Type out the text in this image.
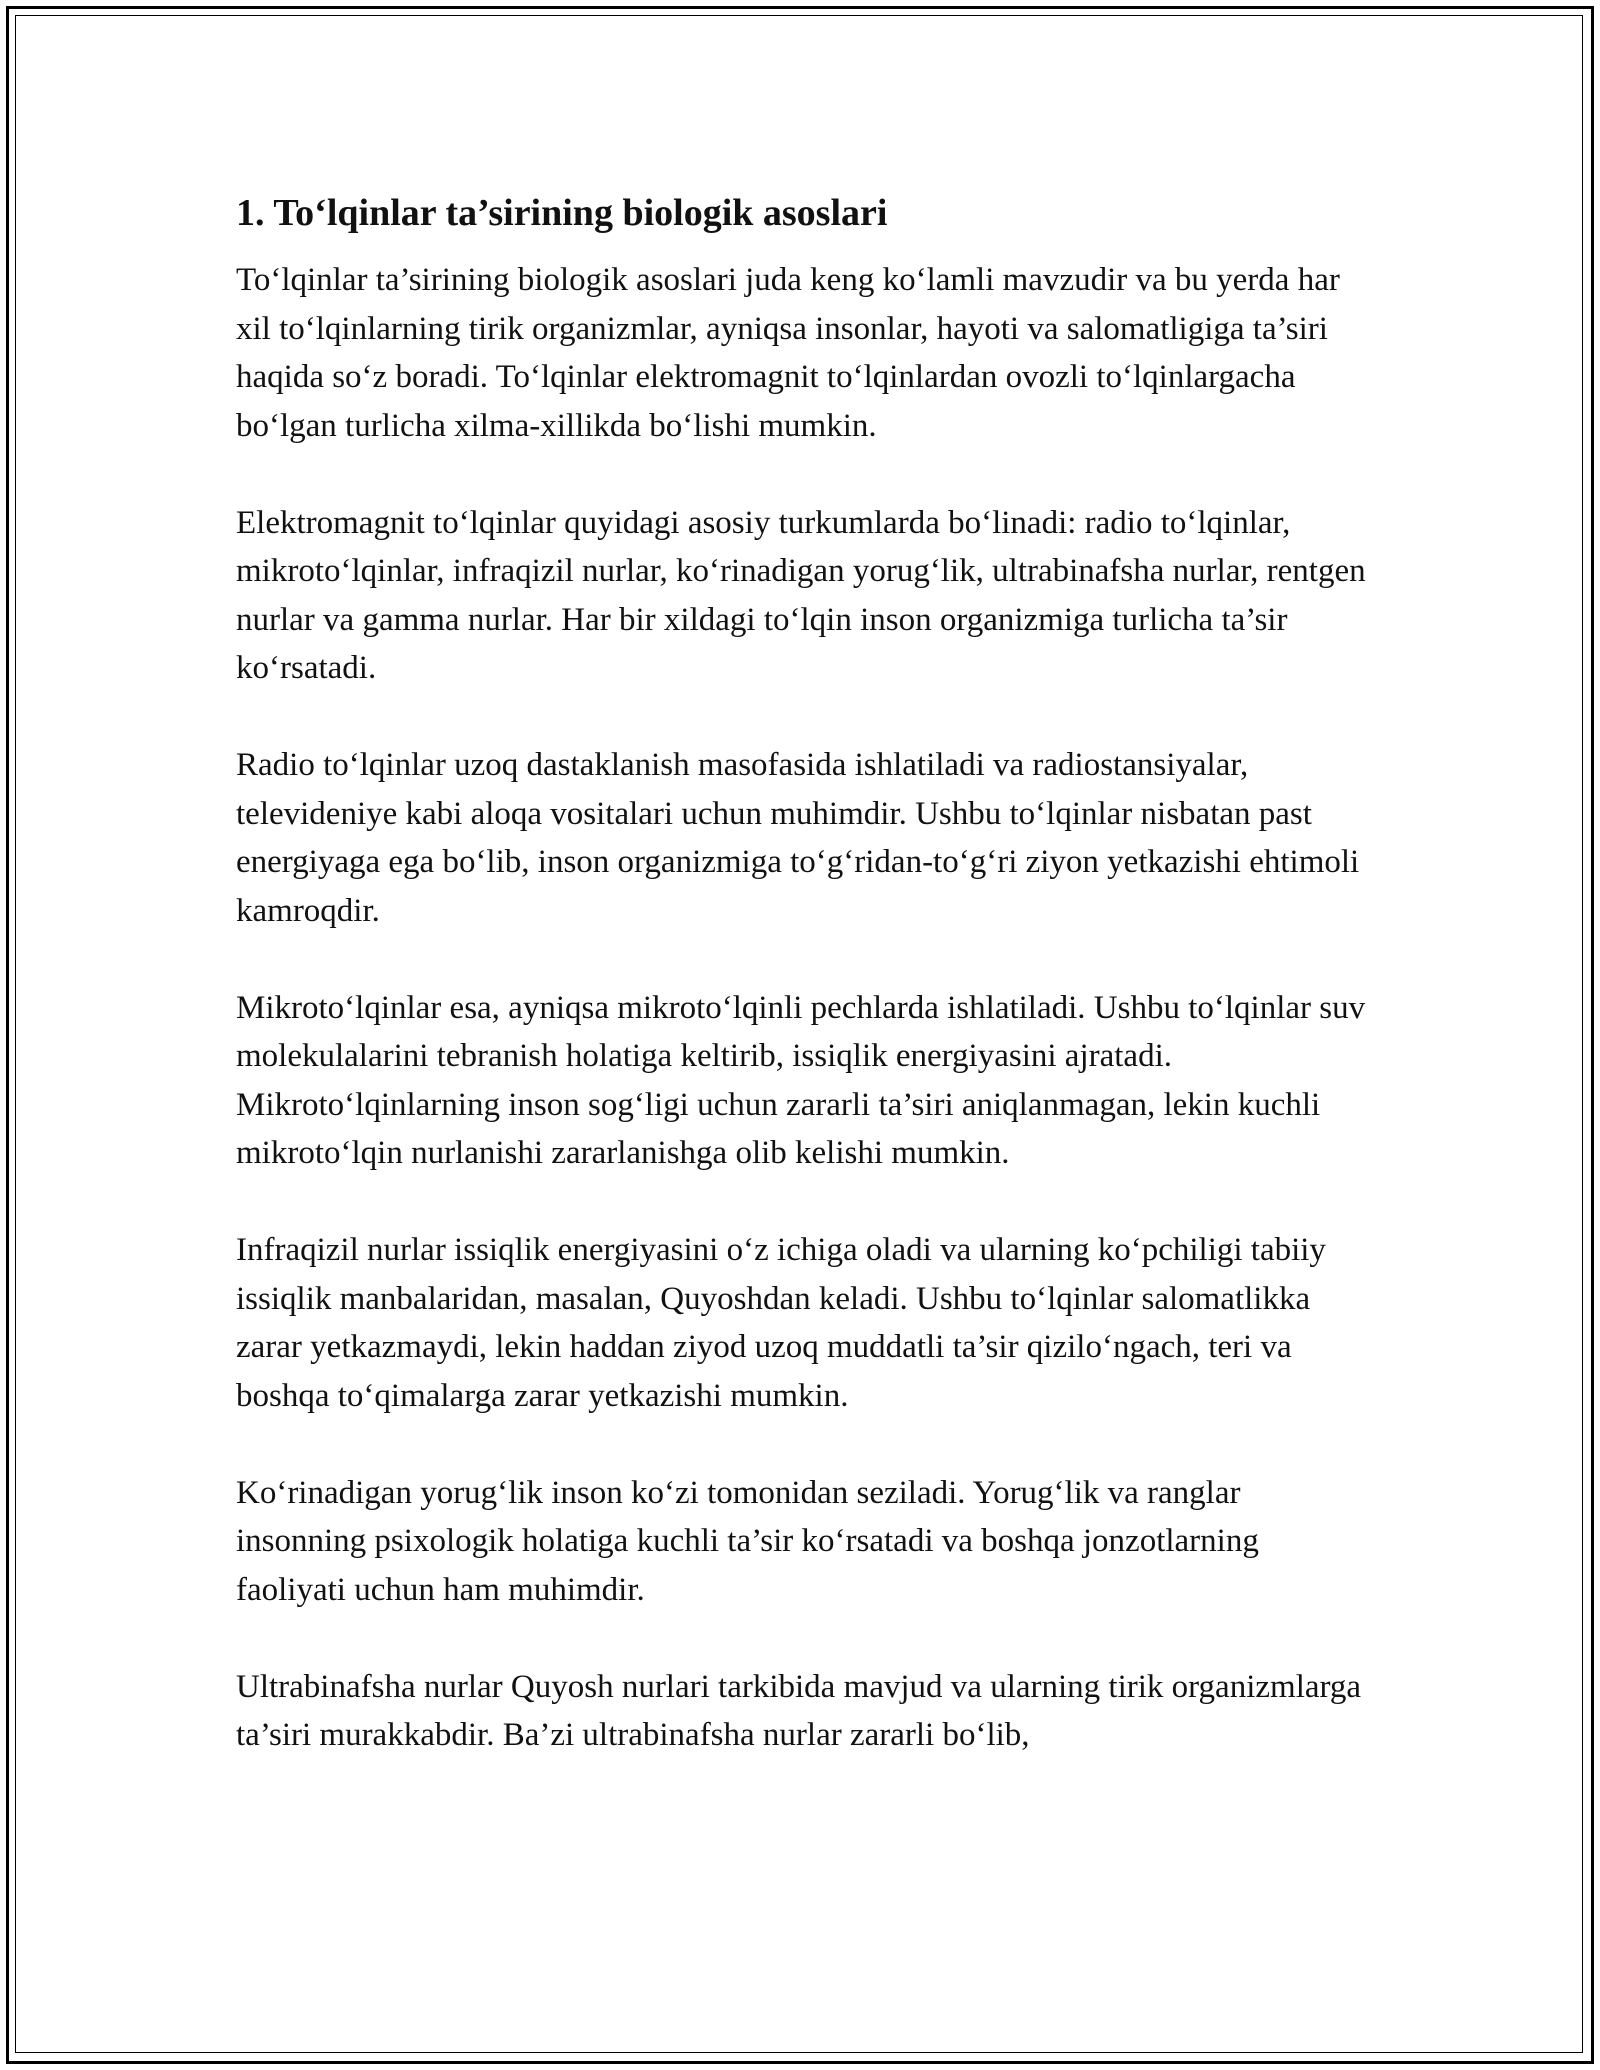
1. To‘lqinlar ta’sirining biologik asoslari

To‘lqinlar ta’sirining biologik asoslari juda keng ko‘lamli mavzudir va bu yerda har xil to‘lqinlarning tirik organizmlar, ayniqsa insonlar, hayoti va salomatligiga ta’siri haqida so‘z boradi. To‘lqinlar elektromagnit to‘lqinlardan ovozli to‘lqinlargacha bo‘lgan turlicha xilma-xillikda bo‘lishi mumkin.

Elektromagnit to‘lqinlar quyidagi asosiy turkumlarda bo‘linadi: radio to‘lqinlar, mikroto‘lqinlar, infraqizil nurlar, ko‘rinadigan yorug‘lik, ultrabinafsha nurlar, rentgen nurlar va gamma nurlar. Har bir xildagi to‘lqin inson organizmiga turlicha ta’sir ko‘rsatadi.

Radio to‘lqinlar uzoq dastaklanish masofasida ishlatiladi va radiostansiyalar, televideniye kabi aloqa vositalari uchun muhimdir. Ushbu to‘lqinlar nisbatan past energiyaga ega bo‘lib, inson organizmiga to‘g‘ridan-to‘g‘ri ziyon yetkazishi ehtimoli kamroqdir.

Mikroto‘lqinlar esa, ayniqsa mikroto‘lqinli pechlarda ishlatiladi. Ushbu to‘lqinlar suv molekulalarini tebranish holatiga keltirib, issiqlik energiyasini ajratadi. Mikroto‘lqinlarning inson sog‘ligi uchun zararli ta’siri aniqlanmagan, lekin kuchli mikroto‘lqin nurlanishi zararlanishga olib kelishi mumkin.

Infraqizil nurlar issiqlik energiyasini o‘z ichiga oladi va ularning ko‘pchiligi tabiiy issiqlik manbalaridan, masalan, Quyoshdan keladi. Ushbu to‘lqinlar salomatlikka zarar yetkazmaydi, lekin haddan ziyod uzoq muddatli ta’sir qizilo‘ngach, teri va boshqa to‘qimalarga zarar yetkazishi mumkin.

Ko‘rinadigan yorug‘lik inson ko‘zi tomonidan seziladi. Yorug‘lik va ranglar insonning psixologik holatiga kuchli ta’sir ko‘rsatadi va boshqa jonzotlarning faoliyati uchun ham muhimdir.

Ultrabinafsha nurlar Quyosh nurlari tarkibida mavjud va ularning tirik organizmlarga ta’siri murakkabdir. Ba’zi ultrabinafsha nurlar zararli bo‘lib,
